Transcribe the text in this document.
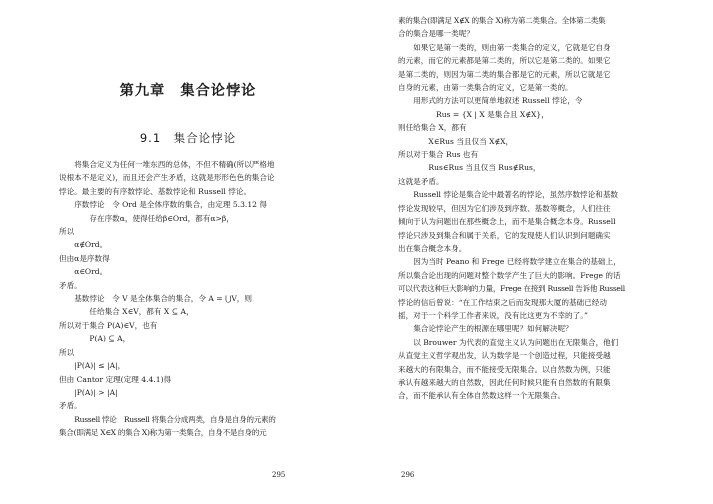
第九章　集合论悖论
9.1　集合论悖论

将集合定义为任何一堆东西的总体，不但不精确(所以严格地

说根本不是定义)，而且还会产生矛盾，这就是形形色色的集合论

悖论。最主要的有序数悖论、基数悖论和 Russell 悖论。

序数悖论　令 Ord 是全体序数的集合，由定理 5.3.12 得

存在序数α，使得任给β∈Ord，都有α>β，

所以

α∉Ord。

但由α是序数得

α∈Ord。

矛盾。

基数悖论　令 V 是全体集合的集合，令 A = ⋃V，则

任给集合 X∈V，都有 X ⊆ A，

所以对于集合 P(A)∈V，也有

P(A) ⊆ A，

所以

|P(A)| ≤ |A|，

但由 Cantor 定理(定理 4.4.1)得

|P(A)| > |A|

矛盾。

Russell 悖论　Russell 将集合分成两类，自身是自身的元素的

集合(即满足 X∈X 的集合 X)称为第一类集合，自身不是自身的元

295

素的集合(即满足 X∉X 的集合 X)称为第二类集合。全体第二类集

合的集合是哪一类呢？

如果它是第一类的，则由第一类集合的定义，它就是它自身

的元素，而它的元素都是第二类的，所以它是第二类的。如果它

是第二类的，则因为第二类的集合都是它的元素，所以它就是它

自身的元素，由第一类集合的定义，它是第一类的。

用形式的方法可以更简单地叙述 Russell 悖论，令

Rus = {X | X 是集合且 X∉X}，

则任给集合 X，都有

X∈Rus 当且仅当 X∉X，

所以对于集合 Rus 也有

Rus∈Rus 当且仅当 Rus∉Rus，

这就是矛盾。

Russell 悖论是集合论中最著名的悖论，虽然序数悖论和基数

悖论发现较早，但因为它们涉及到序数、基数等概念，人们往往

倾向于认为问题出在那些概念上，而不是集合概念本身。Russell

悖论只涉及到集合和属于关系，它的发现使人们认识到问题确实

出在集合概念本身。

因为当时 Peano 和 Frege 已经将数学建立在集合的基础上，

所以集合论出现的问题对整个数学产生了巨大的影响。Frege 的话

可以代表这种巨大影响的力量，Frege 在接到 Russell 告诉他 Russell

悖论的信后曾说：“在工作结束之后而发现那大厦的基础已经动

摇，对于一个科学工作者来说，没有比这更为不幸的了。”

集合论悖论产生的根源在哪里呢？如何解决呢？

以 Brouwer 为代表的直觉主义认为问题出在无限集合，他们

从直觉主义哲学观出发，认为数学是一个创造过程，只能接受越

来越大的有限集合，而不能接受无限集合。以自然数为例，只能

承认有越来越大的自然数，因此任何时候只能有自然数的有限集

合，而不能承认有全体自然数这样一个无限集合。

296
